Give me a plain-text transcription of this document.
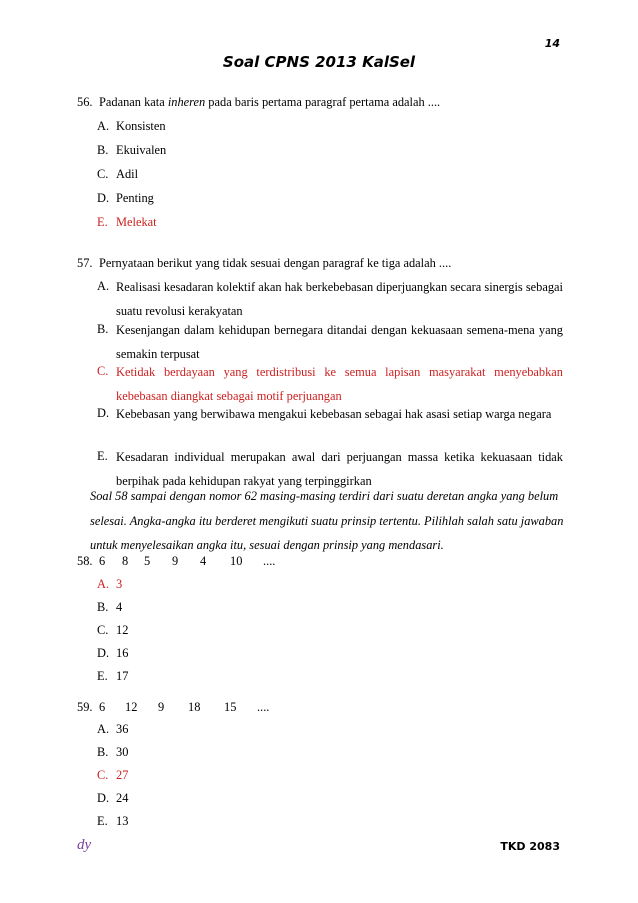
14
Soal CPNS 2013 KalSel
56. Padanan kata inheren pada baris pertama paragraf pertama adalah ....
A. Konsisten
B. Ekuivalen
C. Adil
D. Penting
E. Melekat
57. Pernyataan berikut yang tidak sesuai dengan paragraf ke tiga adalah ....
A. Realisasi kesadaran kolektif akan hak berkebebasan diperjuangkan secara sinergis sebagai suatu revolusi kerakyatan
B. Kesenjangan dalam kehidupan bernegara ditandai dengan kekuasaan semena-mena yang semakin terpusat
C. Ketidak berdayaan yang terdistribusi ke semua lapisan masyarakat menyebabkan kebebasan diangkat sebagai motif perjuangan
D. Kebebasan yang berwibawa mengakui kebebasan sebagai hak asasi setiap warga negara
E. Kesadaran individual merupakan awal dari perjuangan massa ketika kekuasaan tidak berpihak pada kehidupan rakyat yang terpinggirkan
Soal 58 sampai dengan nomor 62 masing-masing terdiri dari suatu deretan angka yang belum selesai. Angka-angka itu berderet mengikuti suatu prinsip tertentu. Pilihlah salah satu jawaban untuk menyelesaikan angka itu, sesuai dengan prinsip yang mendasari.
58. 6 8 5 9 4 10 ....
A. 3
B. 4
C. 12
D. 16
E. 17
59. 6 12 9 18 15 ....
A. 36
B. 30
C. 27
D. 24
E. 13
dy	TKD 2083
